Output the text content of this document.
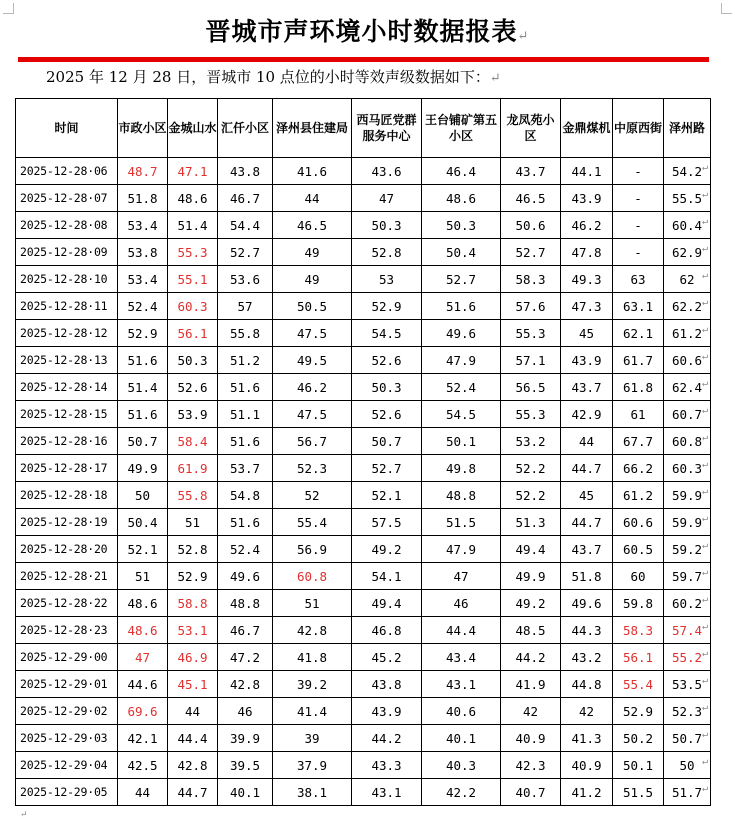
晋城市声环境小时数据报表↵
2025 年 12 月 28 日，晋城市 10 点位的小时等效声级数据如下：↵
时间	市政小区	金城山水	汇仟小区	泽州县住建局	西马匠党群服务中心	王台铺矿第五小区	龙凤苑小区	金鼎煤机	中原西街	泽州路
2025-12-28·06	48.7	47.1	43.8	41.6	43.6	46.4	43.7	44.1	-	54.2 ↵

2025-12-28·07	51.8	48.6	46.7	44	47	48.6	46.5	43.9	-	55.5 ↵

2025-12-28·08	53.4	51.4	54.4	46.5	50.3	50.3	50.6	46.2	-	60.4 ↵

2025-12-28·09	53.8	55.3	52.7	49	52.8	50.4	52.7	47.8	-	62.9 ↵

2025-12-28·10	53.4	55.1	53.6	49	53	52.7	58.3	49.3	63	62 ↵

2025-12-28·11	52.4	60.3	57	50.5	52.9	51.6	57.6	47.3	63.1	62.2 ↵

2025-12-28·12	52.9	56.1	55.8	47.5	54.5	49.6	55.3	45	62.1	61.2 ↵

2025-12-28·13	51.6	50.3	51.2	49.5	52.6	47.9	57.1	43.9	61.7	60.6 ↵

2025-12-28·14	51.4	52.6	51.6	46.2	50.3	52.4	56.5	43.7	61.8	62.4 ↵

2025-12-28·15	51.6	53.9	51.1	47.5	52.6	54.5	55.3	42.9	61	60.7 ↵

2025-12-28·16	50.7	58.4	51.6	56.7	50.7	50.1	53.2	44	67.7	60.8 ↵

2025-12-28·17	49.9	61.9	53.7	52.3	52.7	49.8	52.2	44.7	66.2	60.3 ↵

2025-12-28·18	50	55.8	54.8	52	52.1	48.8	52.2	45	61.2	59.9 ↵

2025-12-28·19	50.4	51	51.6	55.4	57.5	51.5	51.3	44.7	60.6	59.9 ↵

2025-12-28·20	52.1	52.8	52.4	56.9	49.2	47.9	49.4	43.7	60.5	59.2 ↵

2025-12-28·21	51	52.9	49.6	60.8	54.1	47	49.9	51.8	60	59.7 ↵

2025-12-28·22	48.6	58.8	48.8	51	49.4	46	49.2	49.6	59.8	60.2 ↵

2025-12-28·23	48.6	53.1	46.7	42.8	46.8	44.4	48.5	44.3	58.3	57.4 ↵

2025-12-29·00	47	46.9	47.2	41.8	45.2	43.4	44.2	43.2	56.1	55.2 ↵

2025-12-29·01	44.6	45.1	42.8	39.2	43.8	43.1	41.9	44.8	55.4	53.5 ↵

2025-12-29·02	69.6	44	46	41.4	43.9	40.6	42	42	52.9	52.3 ↵

2025-12-29·03	42.1	44.4	39.9	39	44.2	40.1	40.9	41.3	50.2	50.7 ↵

2025-12-29·04	42.5	42.8	39.5	37.9	43.3	40.3	42.3	40.9	50.1	50 ↵

2025-12-29·05	44	44.7	40.1	38.1	43.1	42.2	40.7	41.2	51.5	51.7 ↵
↵
